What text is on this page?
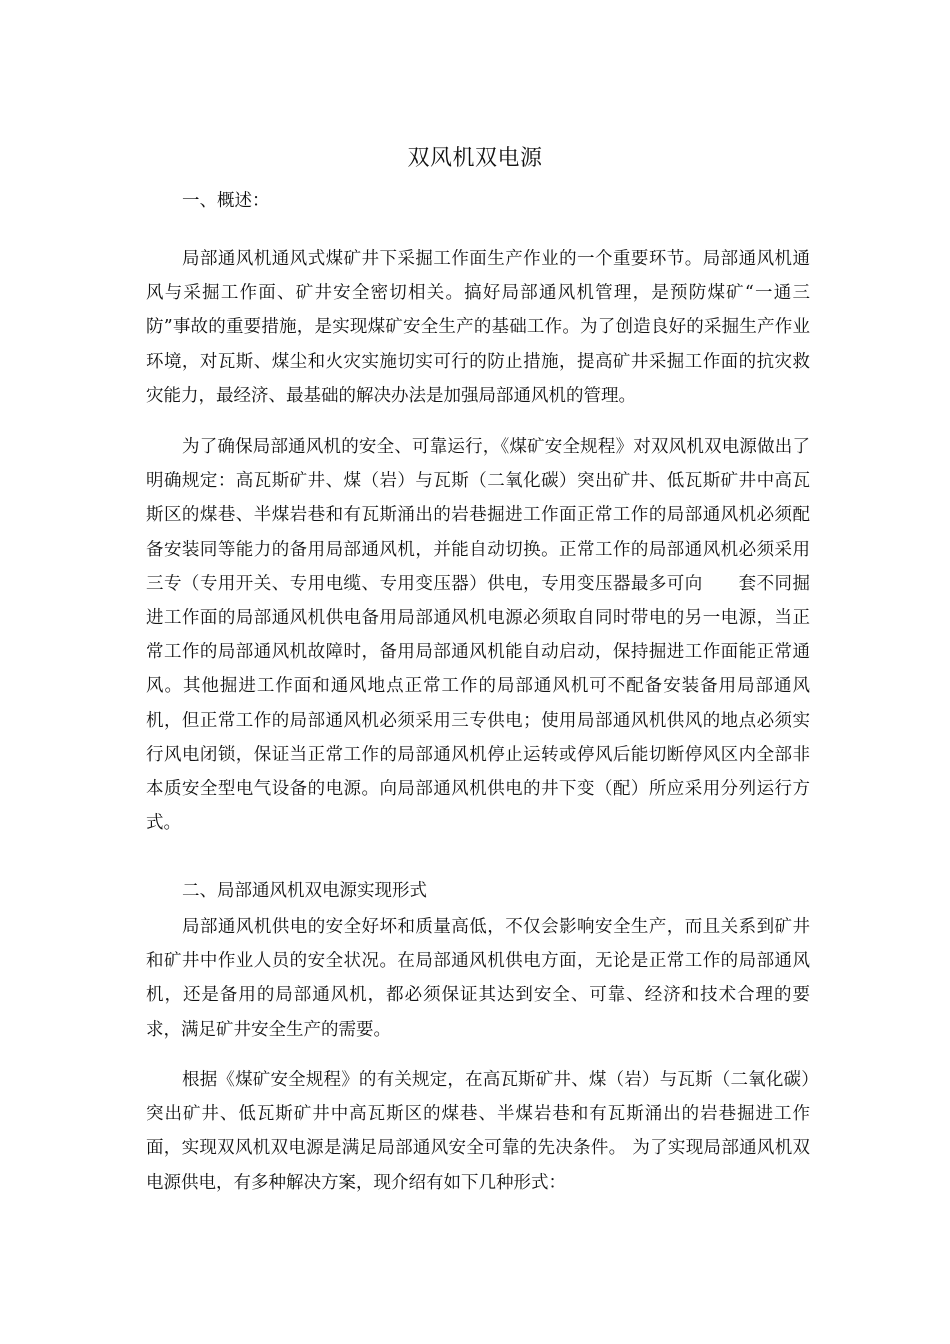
双风机双电源
一、概述：
局部通风机通风式煤矿井下采掘工作面生产作业的一个重要环节。局部通风机通风与采掘工作面、矿井安全密切相关。搞好局部通风机管理，是预防煤矿“一通三防”事故的重要措施，是实现煤矿安全生产的基础工作。为了创造良好的采掘生产作业环境，对瓦斯、煤尘和火灾实施切实可行的防止措施，提高矿井采掘工作面的抗灾救灾能力，最经济、最基础的解决办法是加强局部通风机的管理。
为了确保局部通风机的安全、可靠运行，《煤矿安全规程》对双风机双电源做出了明确规定：高瓦斯矿井、煤（岩）与瓦斯（二氧化碳）突出矿井、低瓦斯矿井中高瓦斯区的煤巷、半煤岩巷和有瓦斯涌出的岩巷掘进工作面正常工作的局部通风机必须配备安装同等能力的备用局部通风机，并能自动切换。正常工作的局部通风机必须采用三专（专用开关、专用电缆、专用变压器）供电，专用变压器最多可向　　套不同掘进工作面的局部通风机供电备用局部通风机电源必须取自同时带电的另一电源，当正常工作的局部通风机故障时，备用局部通风机能自动启动，保持掘进工作面能正常通风。其他掘进工作面和通风地点正常工作的局部通风机可不配备安装备用局部通风机，但正常工作的局部通风机必须采用三专供电；使用局部通风机供风的地点必须实行风电闭锁，保证当正常工作的局部通风机停止运转或停风后能切断停风区内全部非本质安全型电气设备的电源。向局部通风机供电的井下变（配）所应采用分列运行方式。
二、局部通风机双电源实现形式
局部通风机供电的安全好坏和质量高低，不仅会影响安全生产，而且关系到矿井和矿井中作业人员的安全状况。在局部通风机供电方面，无论是正常工作的局部通风机，还是备用的局部通风机，都必须保证其达到安全、可靠、经济和技术合理的要求，满足矿井安全生产的需要。
根据《煤矿安全规程》的有关规定，在高瓦斯矿井、煤（岩）与瓦斯（二氧化碳）突出矿井、低瓦斯矿井中高瓦斯区的煤巷、半煤岩巷和有瓦斯涌出的岩巷掘进工作面，实现双风机双电源是满足局部通风安全可靠的先决条件。 为了实现局部通风机双电源供电，有多种解决方案，现介绍有如下几种形式：
